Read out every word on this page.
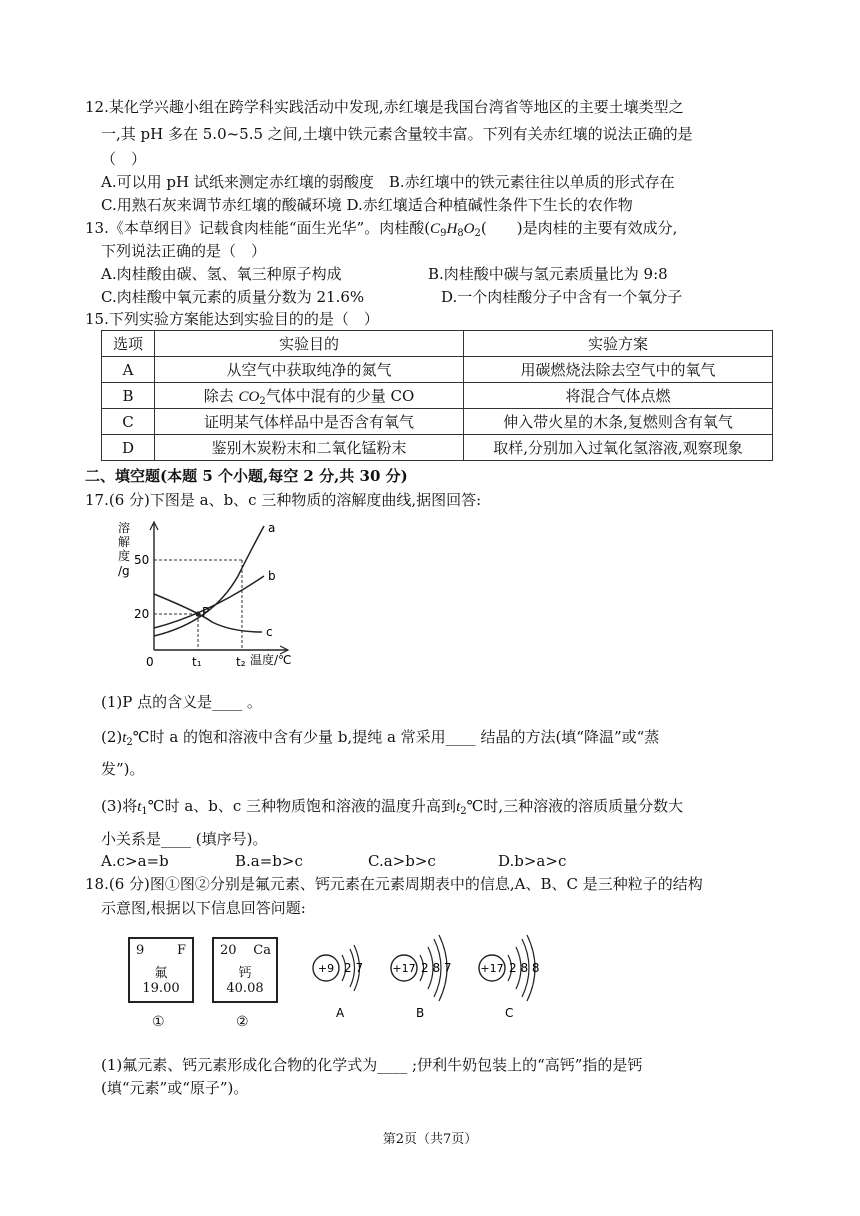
12.某化学兴趣小组在跨学科实践活动中发现,赤红壤是我国台湾省等地区的主要土壤类型之
一,其 pH 多在 5.0~5.5 之间,土壤中铁元素含量较丰富。下列有关赤红壤的说法正确的是
（　）
A.可以用 pH 试纸来测定赤红壤的弱酸度　B.赤红壤中的铁元素往往以单质的形式存在
C.用熟石灰来调节赤红壤的酸碱环境 D.赤红壤适合种植碱性条件下生长的农作物
13.《本草纲目》记载食肉桂能“面生光华”。肉桂酸($C_9H_8O_2$(　　)是肉桂的主要有效成分,
下列说法正确的是（　）
A.肉桂酸由碳、氢、氧三种原子构成	B.肉桂酸中碳与氢元素质量比为 9:8
C.肉桂酸中氧元素的质量分数为 21.6%	D.一个肉桂酸分子中含有一个氧分子
15.下列实验方案能达到实验目的的是（　）
选项	实验目的	实验方案
A	从空气中获取纯净的氮气	用碳燃烧法除去空气中的氧气
B	除去 $CO_2$气体中混有的少量 CO	将混合气体点燃
C	证明某气体样品中是否含有氧气	伸入带火星的木条,复燃则含有氧气
D	鉴别木炭粉末和二氧化锰粉末	取样,分别加入过氧化氢溶液,观察现象
二、填空题(本题 5 个小题,每空 2 分,共 30 分)
17.(6 分)下图是 a、b、c 三种物质的溶解度曲线,据图回答:
溶
解
度
/g
50
20
0	t₁	t₂ 温度/℃
a
b
c
P
(1)P 点的含义是____ 。
$(2)t_2℃$时 a 的饱和溶液中含有少量 b,提纯 a 常采用____ 结晶的方法(填“降温”或“蒸
发”)。
(3)将$t_1℃$时 a、b、c 三种物质饱和溶液的温度升高到$t_2℃$时,三种溶液的溶质质量分数大
小关系是____ (填序号)。
A.c>a=b	B.a=b>c	C.a>b>c	D.b>a>c
18.(6 分)图①图②分别是氟元素、钙元素在元素周期表中的信息,A、B、C 是三种粒子的结构
示意图,根据以下信息回答问题:
9	F
氟
19.00
①
20 Ca
钙
40.08
②
+9 2 7
A
+17 2 8 7
B
+17 2 8 8
C
(1)氟元素、钙元素形成化合物的化学式为____ ;伊利牛奶包装上的“高钙”指的是钙
(填“元素”或“原子”)。
第2页（共7页）
